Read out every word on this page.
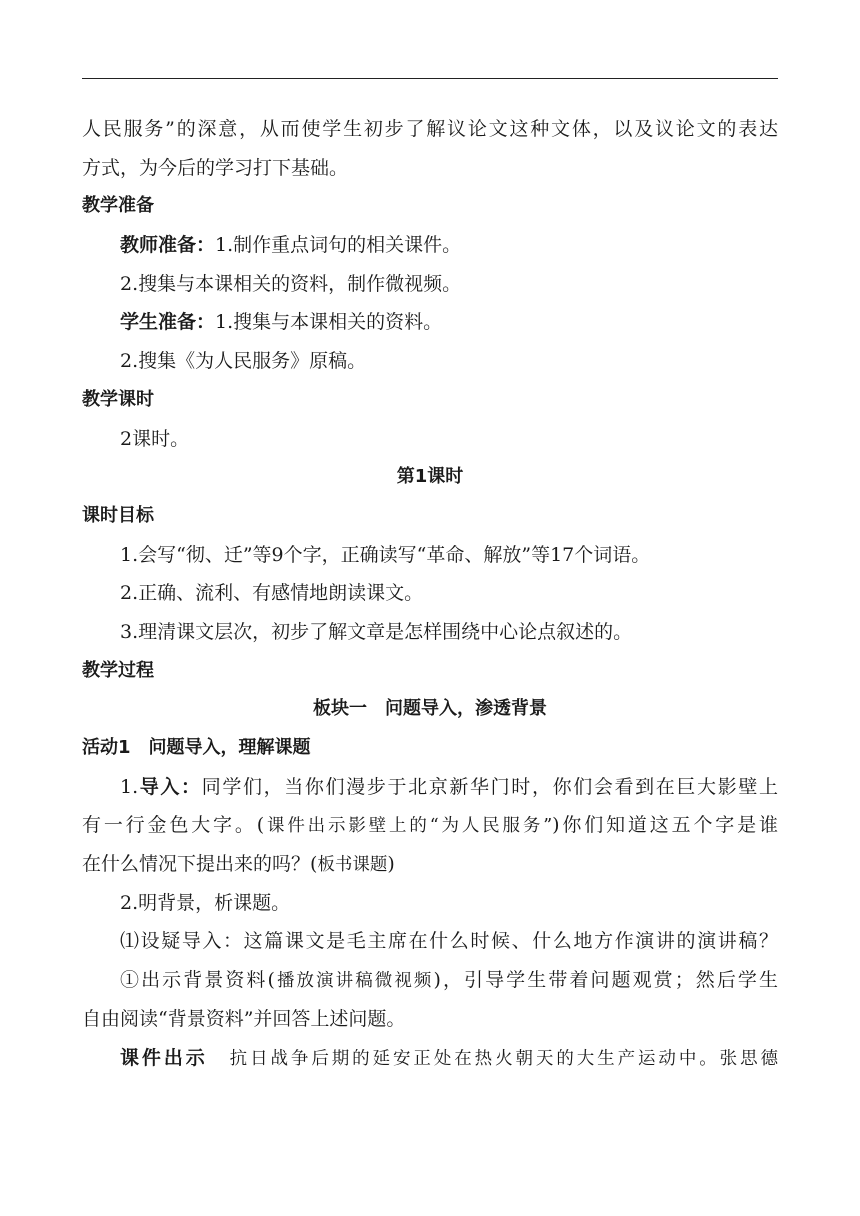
人民服务”的深意，从而使学生初步了解议论文这种文体，以及议论文的表达
方式，为今后的学习打下基础。
教学准备
教师准备：1.制作重点词句的相关课件。
2.搜集与本课相关的资料，制作微视频。
学生准备：1.搜集与本课相关的资料。
2.搜集《为人民服务》原稿。
教学课时
2课时。
第1课时
课时目标
1.会写“彻、迁”等9个字，正确读写“革命、解放”等17个词语。
2.正确、流利、有感情地朗读课文。
3.理清课文层次，初步了解文章是怎样围绕中心论点叙述的。
教学过程
板块一　问题导入，渗透背景
活动1　问题导入，理解课题
1.导入：同学们，当你们漫步于北京新华门时，你们会看到在巨大影壁上
有一行金色大字。(课件出示影壁上的“为人民服务”)你们知道这五个字是谁
在什么情况下提出来的吗？(板书课题)
2.明背景，析课题。
⑴设疑导入：这篇课文是毛主席在什么时候、什么地方作演讲的演讲稿？
①出示背景资料(播放演讲稿微视频)，引导学生带着问题观赏；然后学生
自由阅读“背景资料”并回答上述问题。
课件出示 抗日战争后期的延安正处在热火朝天的大生产运动中。张思德
